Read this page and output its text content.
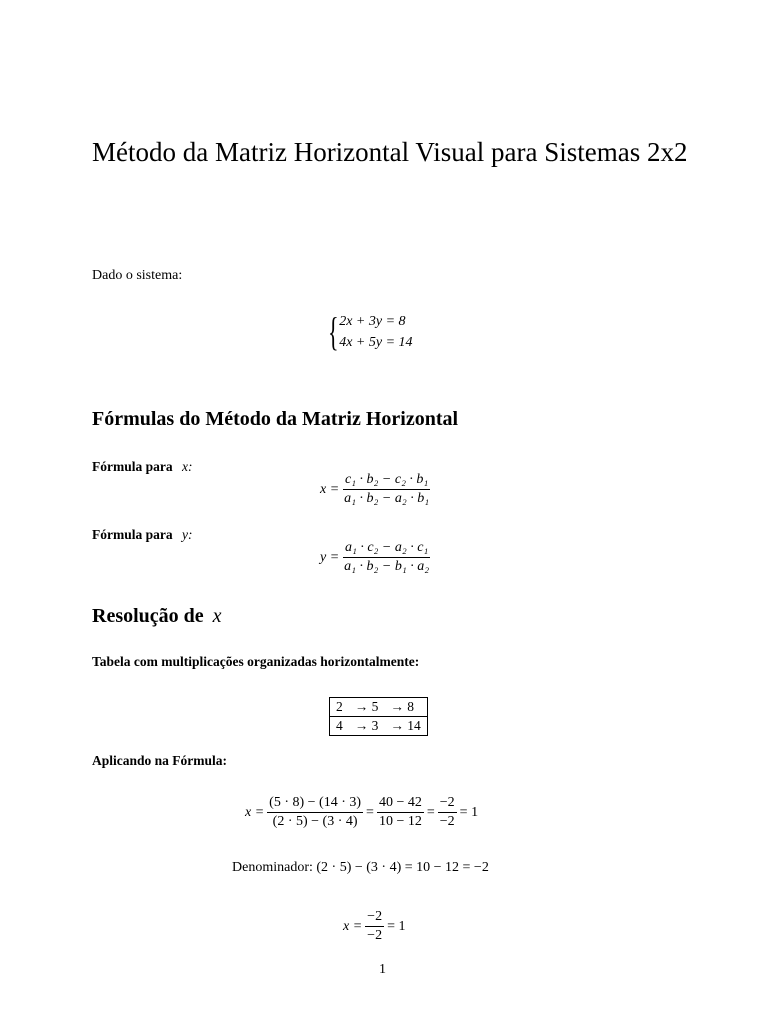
Método da Matriz Horizontal Visual para Sistemas 2x2
Dado o sistema:
{ 2x + 3y = 8
4x + 5y = 14
Fórmulas do Método da Matriz Horizontal
Fórmula para x:
$x = \frac{\text{c₁ · b₂ − c₂ · b₁}}{\text{a₁ · b₂ − a₂ · b₁}}$
Fórmula para y:
$y = \frac{\text{a₁ · c₂ − a₂ · c₁}}{\text{a₁ · b₂ − b₁ · a₂}}$
Resolução de x
Tabela com multiplicações organizadas horizontalmente:
2	→ 5	→ 8
4	→ 3	→ 14
Aplicando na Fórmula:
$x = \frac{(5 \cdot 8) - (14 \cdot 3)}{(2 \cdot 5) - (3 \cdot 4)} = \frac{40 - 42}{10 - 12} = \frac{-2}{-2} = 1$
Denominador: (2 · 5) − (3 · 4) = 10 − 12 = −2
$x = \frac{-2}{-2} = 1$
1
